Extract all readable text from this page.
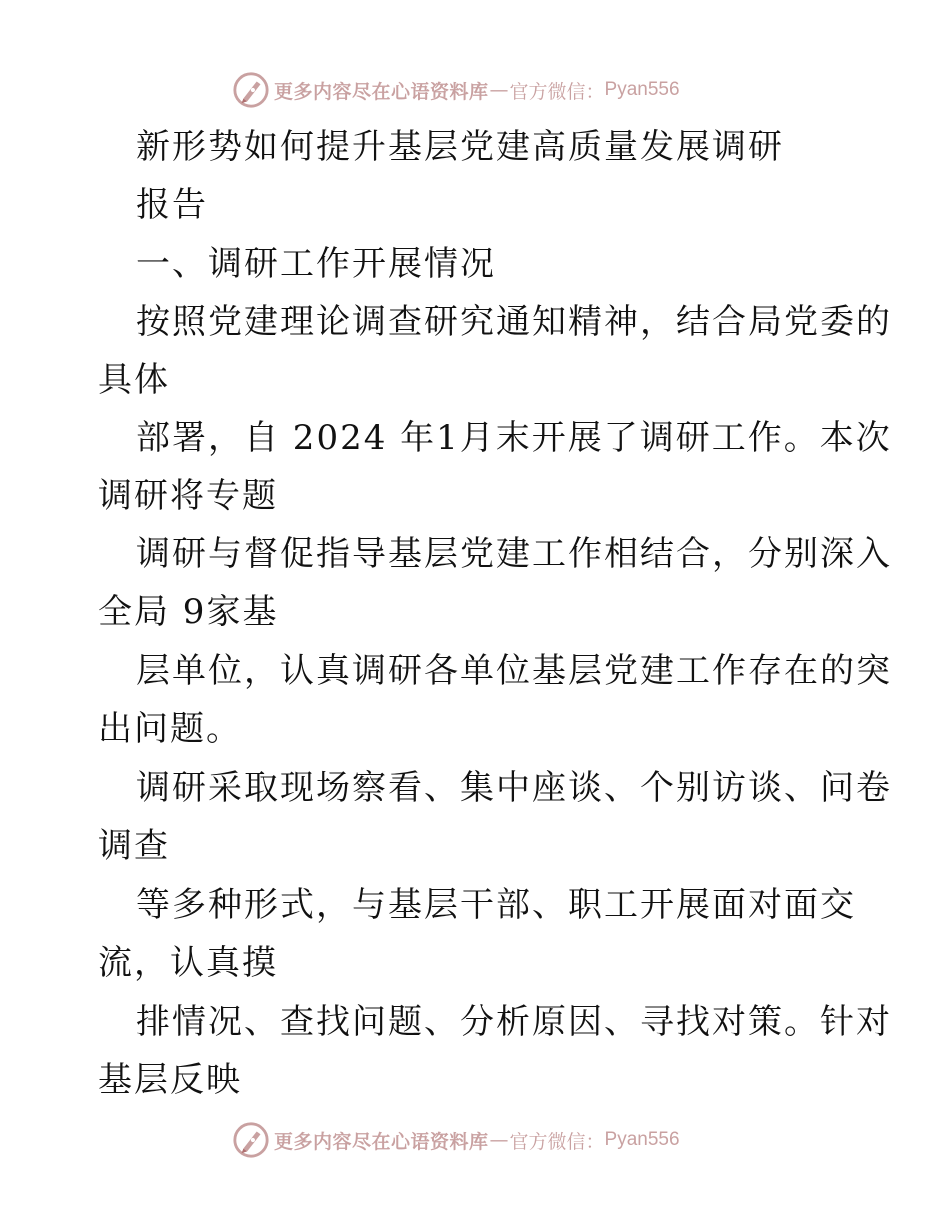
更多内容尽在心语资料库 — 官方微信： Pyan556
新形势如何提升基层党建高质量发展调研
报告
一、调研工作开展情况
按照党建理论调查研究通知精神，结合局党委的
具体
部署，自 2024 年1月末开展了调研工作。本次
调研将专题
调研与督促指导基层党建工作相结合，分别深入
全局 9家基
层单位，认真调研各单位基层党建工作存在的突
出问题。
调研采取现场察看、集中座谈、个别访谈、问卷
调查
等多种形式，与基层干部、职工开展面对面交
流，认真摸
排情况、查找问题、分析原因、寻找对策。针对
基层反映
更多内容尽在心语资料库 — 官方微信： Pyan556
